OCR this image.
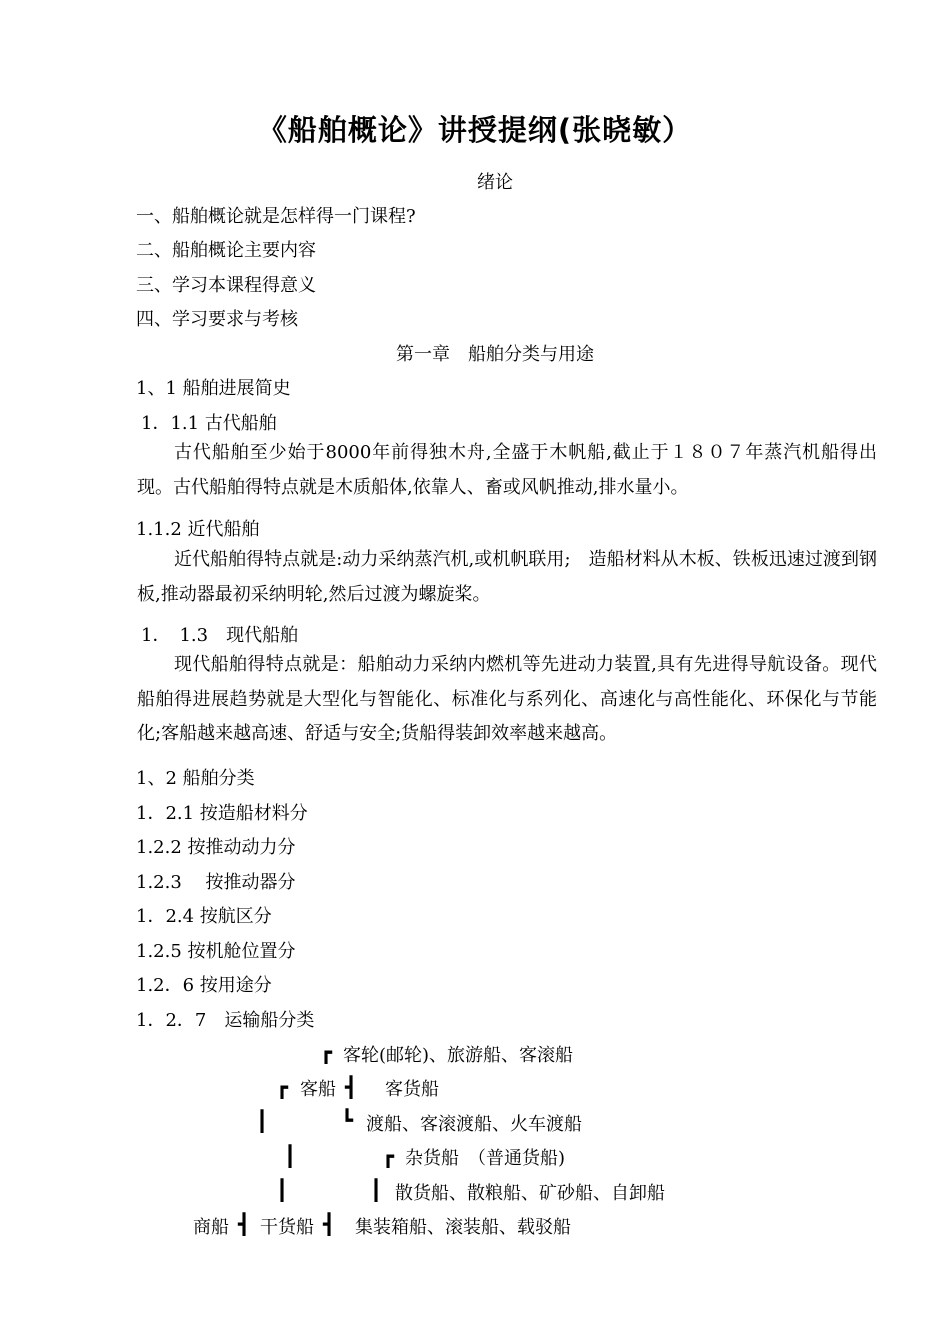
《船舶概论》讲授提纲(张晓敏）
绪论
一、船舶概论就是怎样得一门课程?
二、船舶概论主要内容
三、学习本课程得意义
四、学习要求与考核
第一章　船舶分类与用途
1、1 船舶进展简史
1．1.1 古代船舶
古代船舶至少始于8000年前得独木舟,全盛于木帆船,截止于１８０７年蒸汽机船得出现。古代船舶得特点就是木质船体,依靠人、畜或风帆推动,排水量小。
1.1.2 近代船舶
近代船舶得特点就是:动力采纳蒸汽机,或机帆联用;　造船材料从木板、铁板迅速过渡到钢板,推动器最初采纳明轮,然后过渡为螺旋桨。
1．　1.3　现代船舶
现代船舶得特点就是：船舶动力采纳内燃机等先进动力装置,具有先进得导航设备。现代船舶得进展趋势就是大型化与智能化、标准化与系列化、高速化与高性能化、环保化与节能化;客船越来越高速、舒适与安全;货船得装卸效率越来越高。
1、2 船舶分类
1．2.1 按造船材料分
1.2.2 按推动动力分
1.2.3　 按推动器分
1．2.4 按航区分
1.2.5 按机舱位置分
1.2．6 按用途分
1．2．7　运输船分类
┏ 客轮(邮轮)、旅游船、客滚船
┏ 客船 ┫ 客货船
┃	┗ 渡船、客滚渡船、火车渡船
┃	┏ 杂货船　（普通货船)
┃	┃ 散货船、散粮船、矿砂船、自卸船
商船 ┫ 干货船 ┫ 集装箱船、滚装船、载驳船
